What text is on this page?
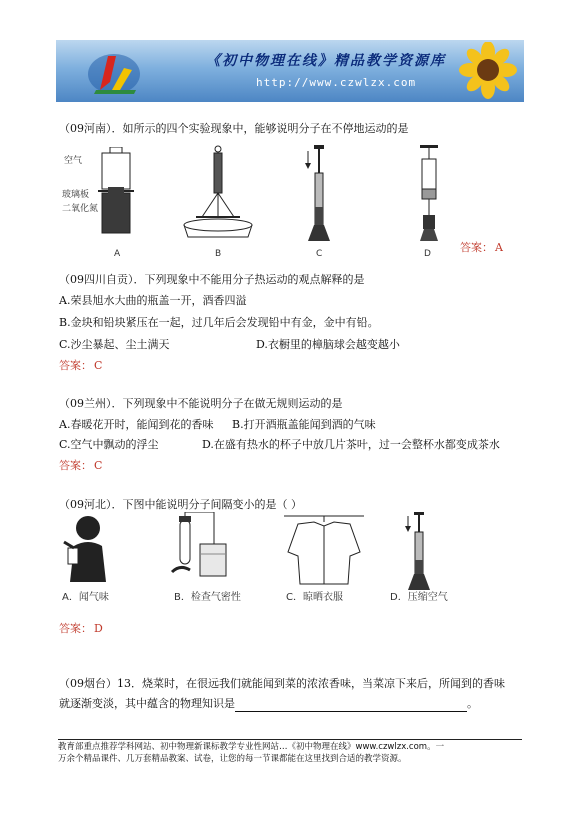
《初中物理在线》精品教学资源库
http://www.czwlzx.com
（09河南）．如所示的四个实验现象中，能够说明分子在不停地运动的是
空气
玻璃板
二氧化氮
A	B	C	D	答案： A
（09四川自贡）．下列现象中不能用分子热运动的观点解释的是
A.荣县旭水大曲的瓶盖一开，酒香四溢
B.金块和铅块紧压在一起，过几年后会发现铅中有金，金中有铅。
C.沙尘暴起、尘土满天	D.衣橱里的樟脑球会越变越小
答案： C
（09兰州）．下列现象中不能说明分子在做无规则运动的是
A.春暖花开时，能闻到花的香味 B.打开酒瓶盖能闻到酒的气味
C.空气中飘动的浮尘	D.在盛有热水的杯子中放几片茶叶，过一会整杯水都变成茶水
答案： C
（09河北）．下图中能说明分子间隔变小的是（ ）
A．闻气味	B．检查气密性	C．晾晒衣服	D．压缩空气
答案： D
（09烟台）13．烧菜时，在很远我们就能闻到菜的浓浓香味，当菜凉下来后，所闻到的香味
就逐渐变淡，其中蕴含的物理知识是	。
教育部重点推荐学科网站、初中物理新课标教学专业性网站…《初中物理在线》www.czwlzx.com。一
万余个精品课件、几万套精品教案、试卷，让您的每一节课都能在这里找到合适的教学资源。
